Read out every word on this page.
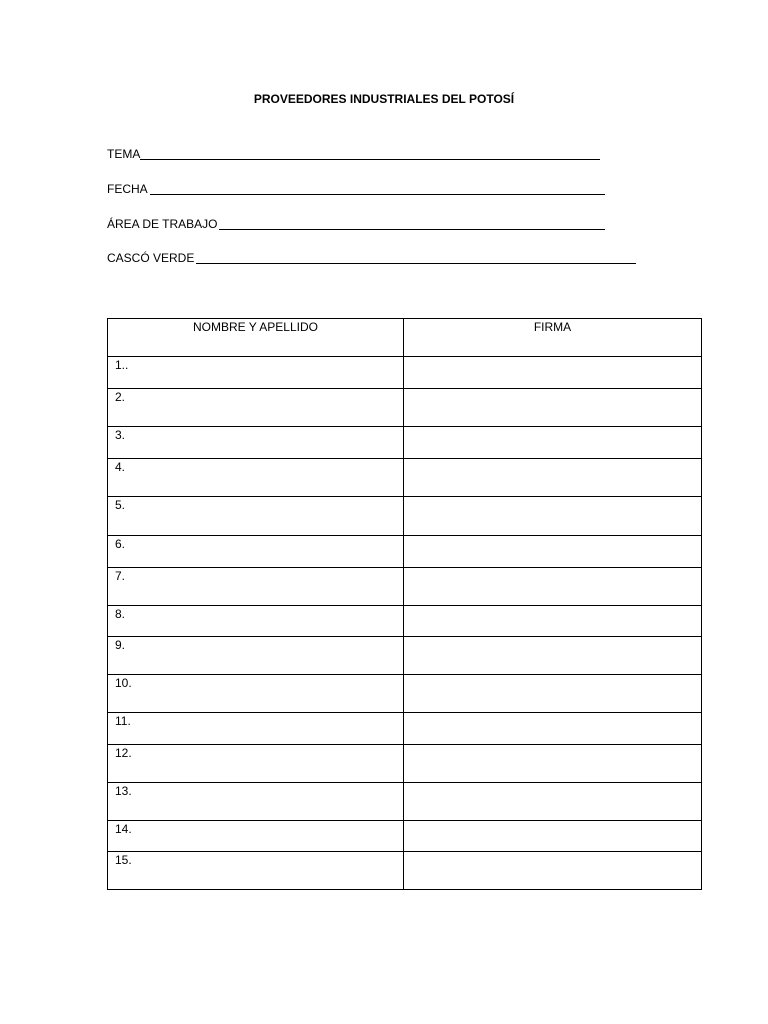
PROVEEDORES INDUSTRIALES DEL POTOSÍ
TEMA
FECHA
ÁREA DE TRABAJO
CASCÓ VERDE
NOMBRE Y APELLIDO	FIRMA
1..	
2.	
3.	
4.	
5.	
6.	
7.	
8.	
9.	
10.	
11.	
12.	
13.	
14.	
15.	
